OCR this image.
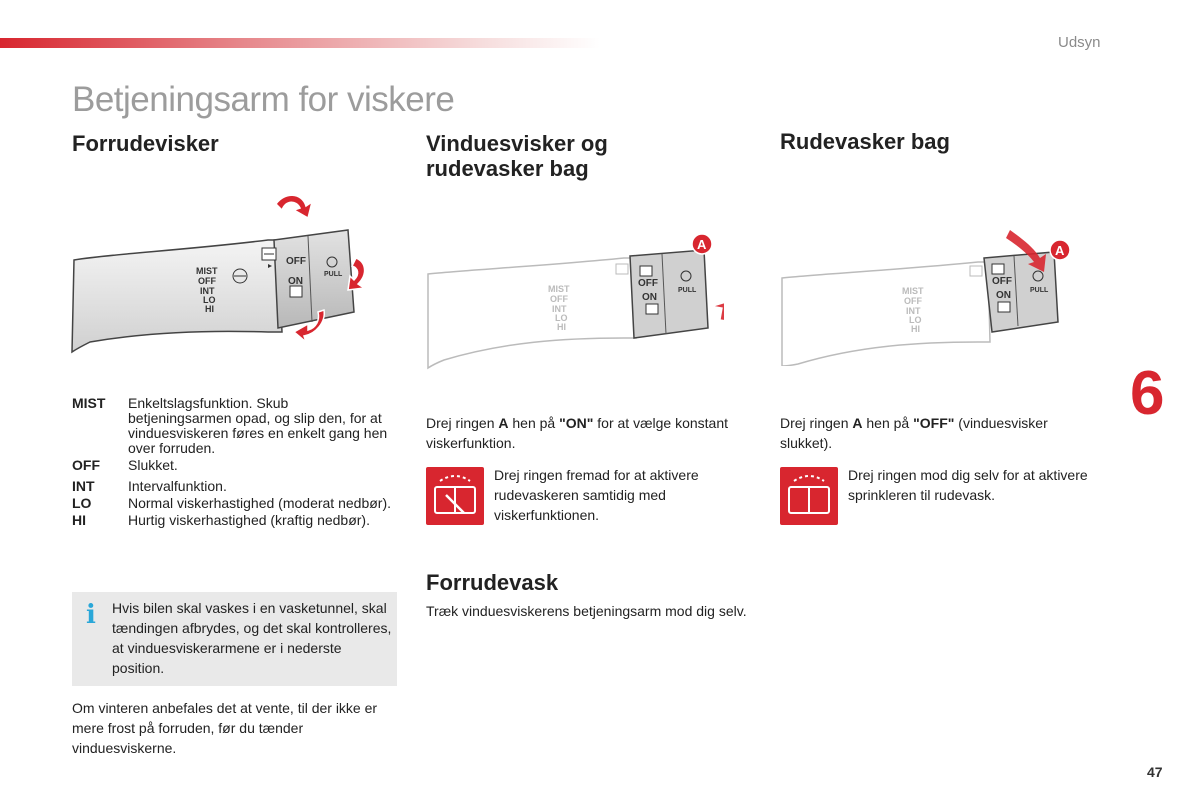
Udsyn
Betjeningsarm for viskere
Forrudevisker	Vinduesvisker og
rudevasker bag
Rudevasker bag
MIST
OFF
INT
LO
HI
OFF
ON
PULL
MIST
OFF
INT
LO
HI
OFF
ON
PULL
A
MIST
OFF
INT
LO
HI
OFF
ON	PULL
A
MIST	Enkeltslagsfunktion. Skub betjeningsarmen opad, og slip den, for at vinduesviskeren føres en enkelt gang hen over forruden.
OFF	Slukket.
INT	Intervalfunktion.
LO	Normal viskerhastighed (moderat nedbør).
HI	Hurtig viskerhastighed (kraftig nedbør).
i Hvis bilen skal vaskes i en vasketunnel, skal tændingen afbrydes, og det skal kontrolleres, at vinduesviskerarmene er i nederste position.
Om vinteren anbefales det at vente, til der ikke er mere frost på forruden, før du tænder vinduesviskerne.
Drej ringen A hen på "ON" for at vælge konstant viskerfunktion.
Drej ringen fremad for at aktivere rudevaskeren samtidig med viskerfunktionen.
Forrudevask
Træk vinduesviskerens betjeningsarm mod dig selv.
Drej ringen A hen på "OFF" (vinduesvisker slukket).
Drej ringen mod dig selv for at aktivere sprinkleren til rudevask.
6
47
